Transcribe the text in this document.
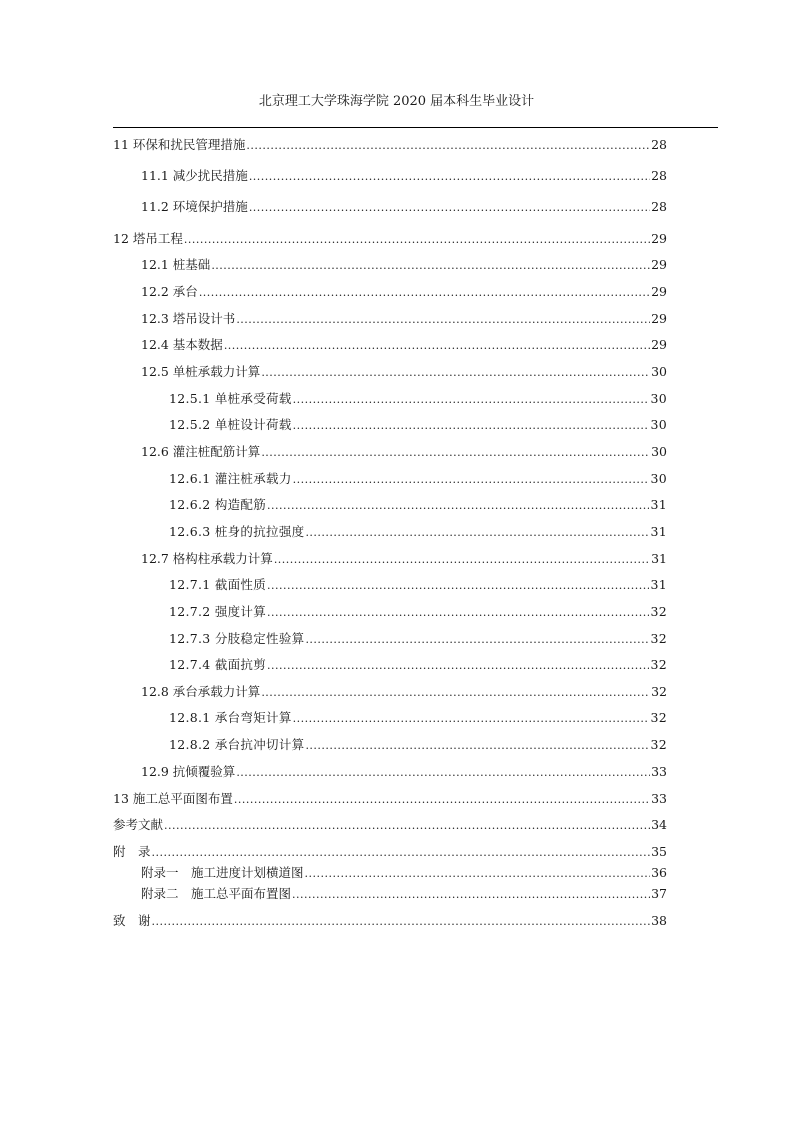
北京理工大学珠海学院 2020 届本科生毕业设计
11 环保和扰民管理措施 .....	28
11.1 减少扰民措施 .....	28
11.2 环境保护措施 .....	28
12 塔吊工程 .....	29
12.1 桩基础 .....	29
12.2 承台 .....	29
12.3 塔吊设计书 .....	29
12.4 基本数据 .....	29
12.5 单桩承载力计算 .....	30
12.5.1 单桩承受荷载 .....	30
12.5.2 单桩设计荷载 .....	30
12.6 灌注桩配筋计算 .....	30
12.6.1 灌注桩承载力 .....	30
12.6.2 构造配筋 .....	31
12.6.3 桩身的抗拉强度 .....	31
12.7 格构柱承载力计算 .....	31
12.7.1 截面性质 .....	31
12.7.2 强度计算 .....	32
12.7.3 分肢稳定性验算 .....	32
12.7.4 截面抗剪 .....	32
12.8 承台承载力计算 .....	32
12.8.1 承台弯矩计算 .....	32
12.8.2 承台抗冲切计算 .....	32
12.9 抗倾覆验算 .....	33
13 施工总平面图布置 .....	33
参考文献 .....	34
附　录 .....	35
附录一　施工进度计划横道图 .....	36
附录二　施工总平面布置图 .....	37
致　谢 .....	38
